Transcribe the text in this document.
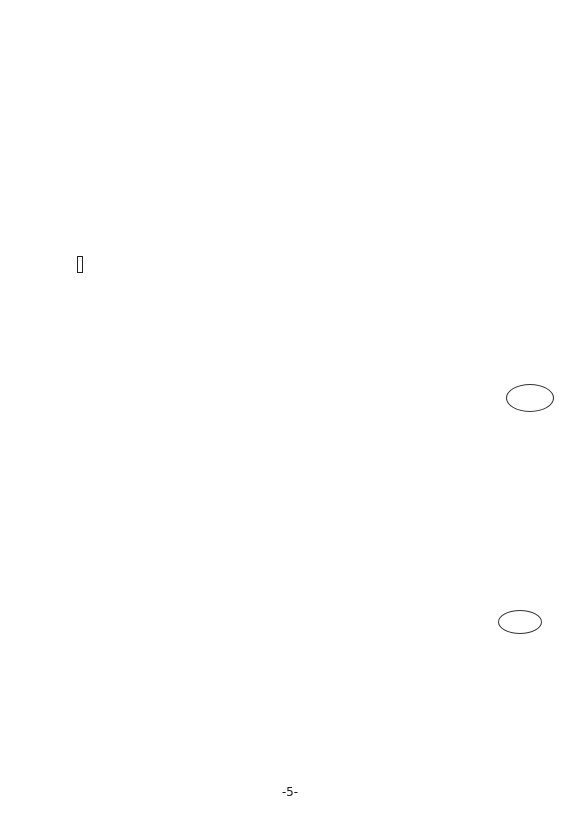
-5-
